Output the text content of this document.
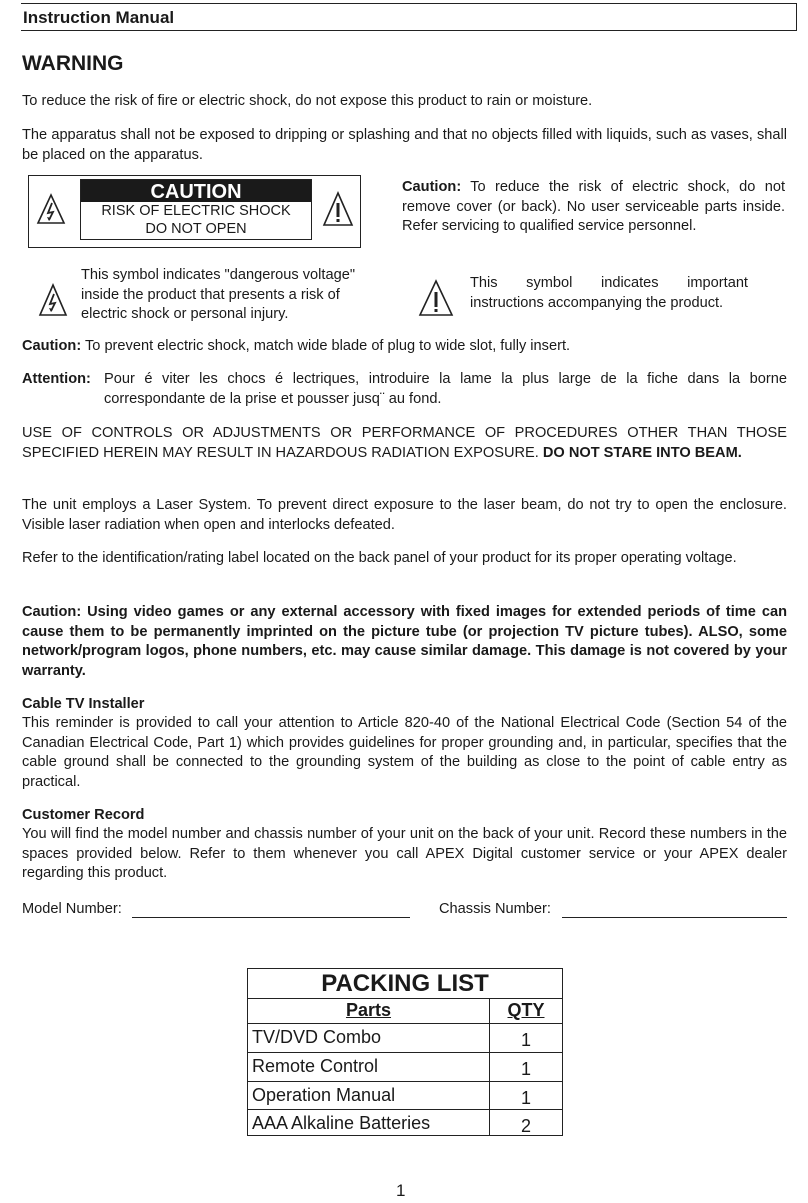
Instruction Manual
WARNING

To reduce the risk of fire or electric shock, do not expose this product to rain or moisture.

The apparatus shall not be exposed to dripping or splashing and that no objects filled with liquids, such as vases, shall be placed on the apparatus.

CAUTION
RISK OF ELECTRIC SHOCK
DO NOT OPEN

Caution: To reduce the risk of electric shock, do not remove cover (or back). No user serviceable parts inside. Refer servicing to qualified service personnel.

This symbol indicates "dangerous voltage" inside the product that presents a risk of electric shock or personal injury.

This symbol indicates important instructions accompanying the product.

Caution: To prevent electric shock, match wide blade of plug to wide slot, fully insert.

Attention: Pour é viter les chocs é lectriques, introduire la lame la plus large de la fiche dans la borne correspondante de la prise et pousser jusq¨ au fond.

USE OF CONTROLS OR ADJUSTMENTS OR PERFORMANCE OF PROCEDURES OTHER THAN THOSE SPECIFIED HEREIN MAY RESULT IN HAZARDOUS RADIATION EXPOSURE. DO NOT STARE INTO BEAM.

The unit employs a Laser System. To prevent direct exposure to the laser beam, do not try to open the enclosure. Visible laser radiation when open and interlocks defeated.

Refer to the identification/rating label located on the back panel of your product for its proper operating voltage.

Caution: Using video games or any external accessory with fixed images for extended periods of time can cause them to be permanently imprinted on the picture tube (or projection TV picture tubes). ALSO, some network/program logos, phone numbers, etc. may cause similar damage. This damage is not covered by your warranty.

Cable TV Installer

This reminder is provided to call your attention to Article 820-40 of the National Electrical Code (Section 54 of the Canadian Electrical Code, Part 1) which provides guidelines for proper grounding and, in particular, specifies that the cable ground shall be connected to the grounding system of the building as close to the point of cable entry as practical.

Customer Record

You will find the model number and chassis number of your unit on the back of your unit. Record these numbers in the spaces provided below. Refer to them whenever you call APEX Digital customer service or your APEX dealer regarding this product.

Model Number:	Chassis Number:
PACKING LIST
Parts	QTY
TV/DVD Combo	1
Remote Control	1
Operation Manual	1
AAA Alkaline Batteries	2
1
